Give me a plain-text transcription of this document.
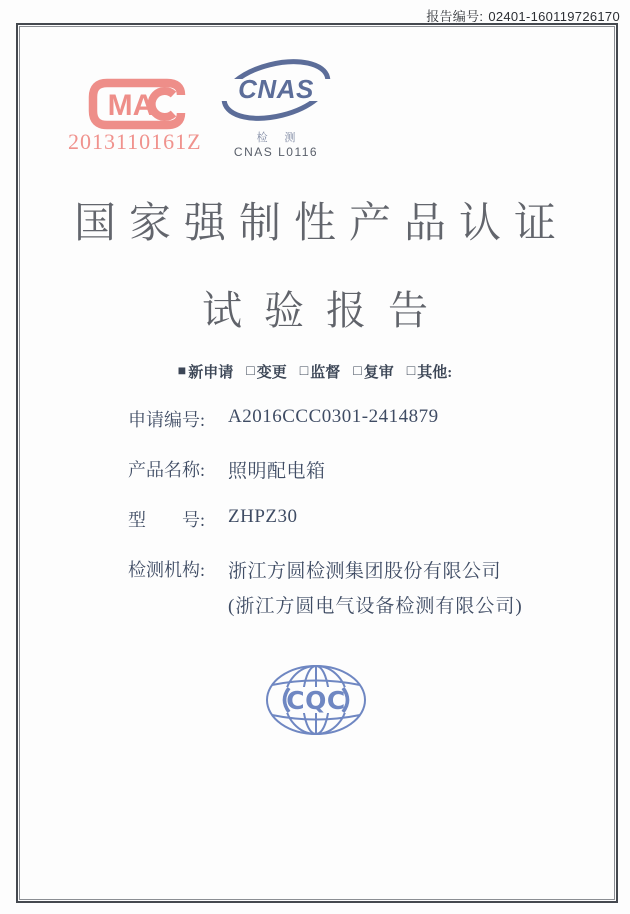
报告编号: 02401-160119726170
MA
2013110161Z
CNAS
检 测
CNAS L0116
国家强制性产品认证
试验报告
■ 新申请 □ 变更 □ 监督 □ 复审 □ 其他:
申请编号:	A2016CCC0301-2414879
产品名称:	照明配电箱
型　　号:	ZHPZ30
检测机构:	浙江方圆检测集团股份有限公司
(浙江方圆电气设备检测有限公司)
CQC
